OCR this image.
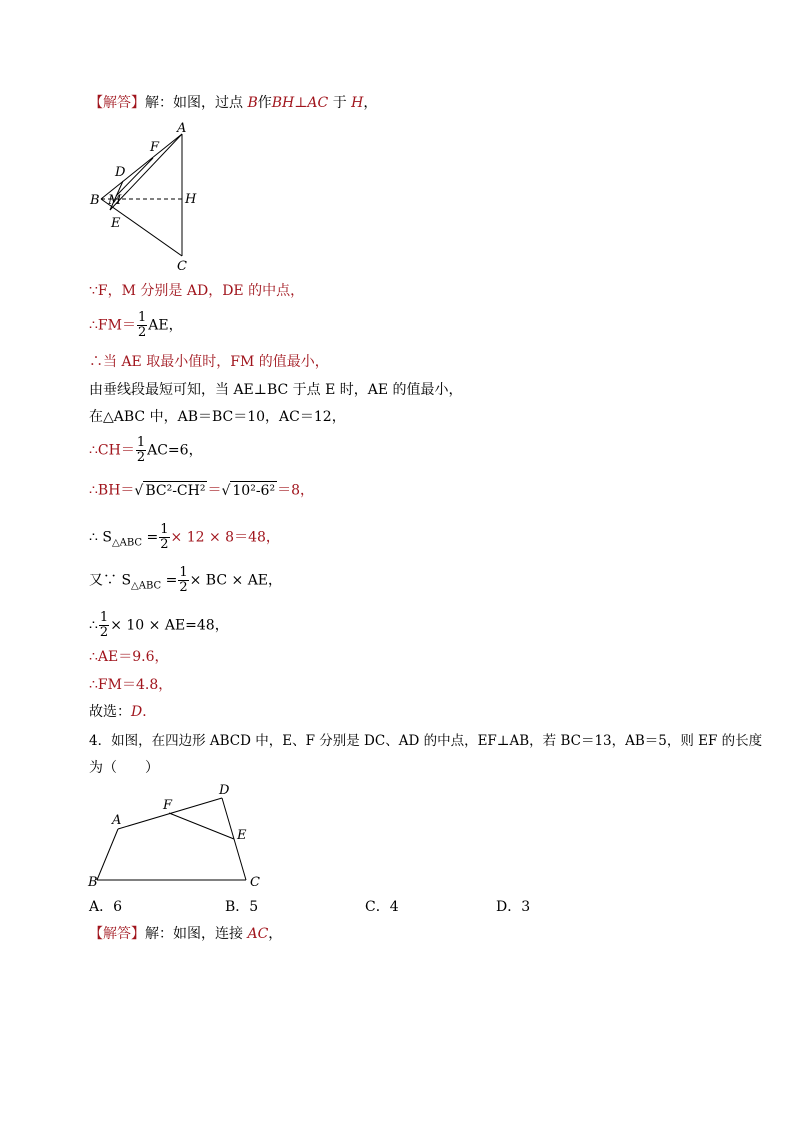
【解答】解：如图，过点 B作BH⊥AC 于 H，
A
F
D
B M	H
E
C
∵F，M 分别是 AD，DE 的中点，
∴FM＝ $\frac{1}{2}$ AE，
∴当 AE 取最小值时，FM 的值最小，
由垂线段最短可知，当 AE⊥BC 于点 E 时，AE 的值最小，
在△ABC 中，AB＝BC＝10，AC＝12，
∴CH＝ $\frac{1}{2} AC=6$，
∴BH＝√ BC²-CH² ＝√ 10²-6² ＝8，
∴ $S_{\triangle ABC} = \frac{1}{2} \times 12 \times 8=48$，
又∵ $S_{\triangle ABC} = \frac{1}{2}$ × BC × AE，
∴ $\frac{1}{2} \times 10 \times AE=48$，
∴AE＝9.6，
∴FM＝4.8，
故选：D．
4．如图，在四边形 ABCD 中，E、F 分别是 DC、AD 的中点，EF⊥AB，若 BC＝13，AB＝5，则 EF 的长度
为（　　）
A
F
D
E
B	C
A．6	B．5	C．4	D．3
【解答】解：如图，连接 AC，
